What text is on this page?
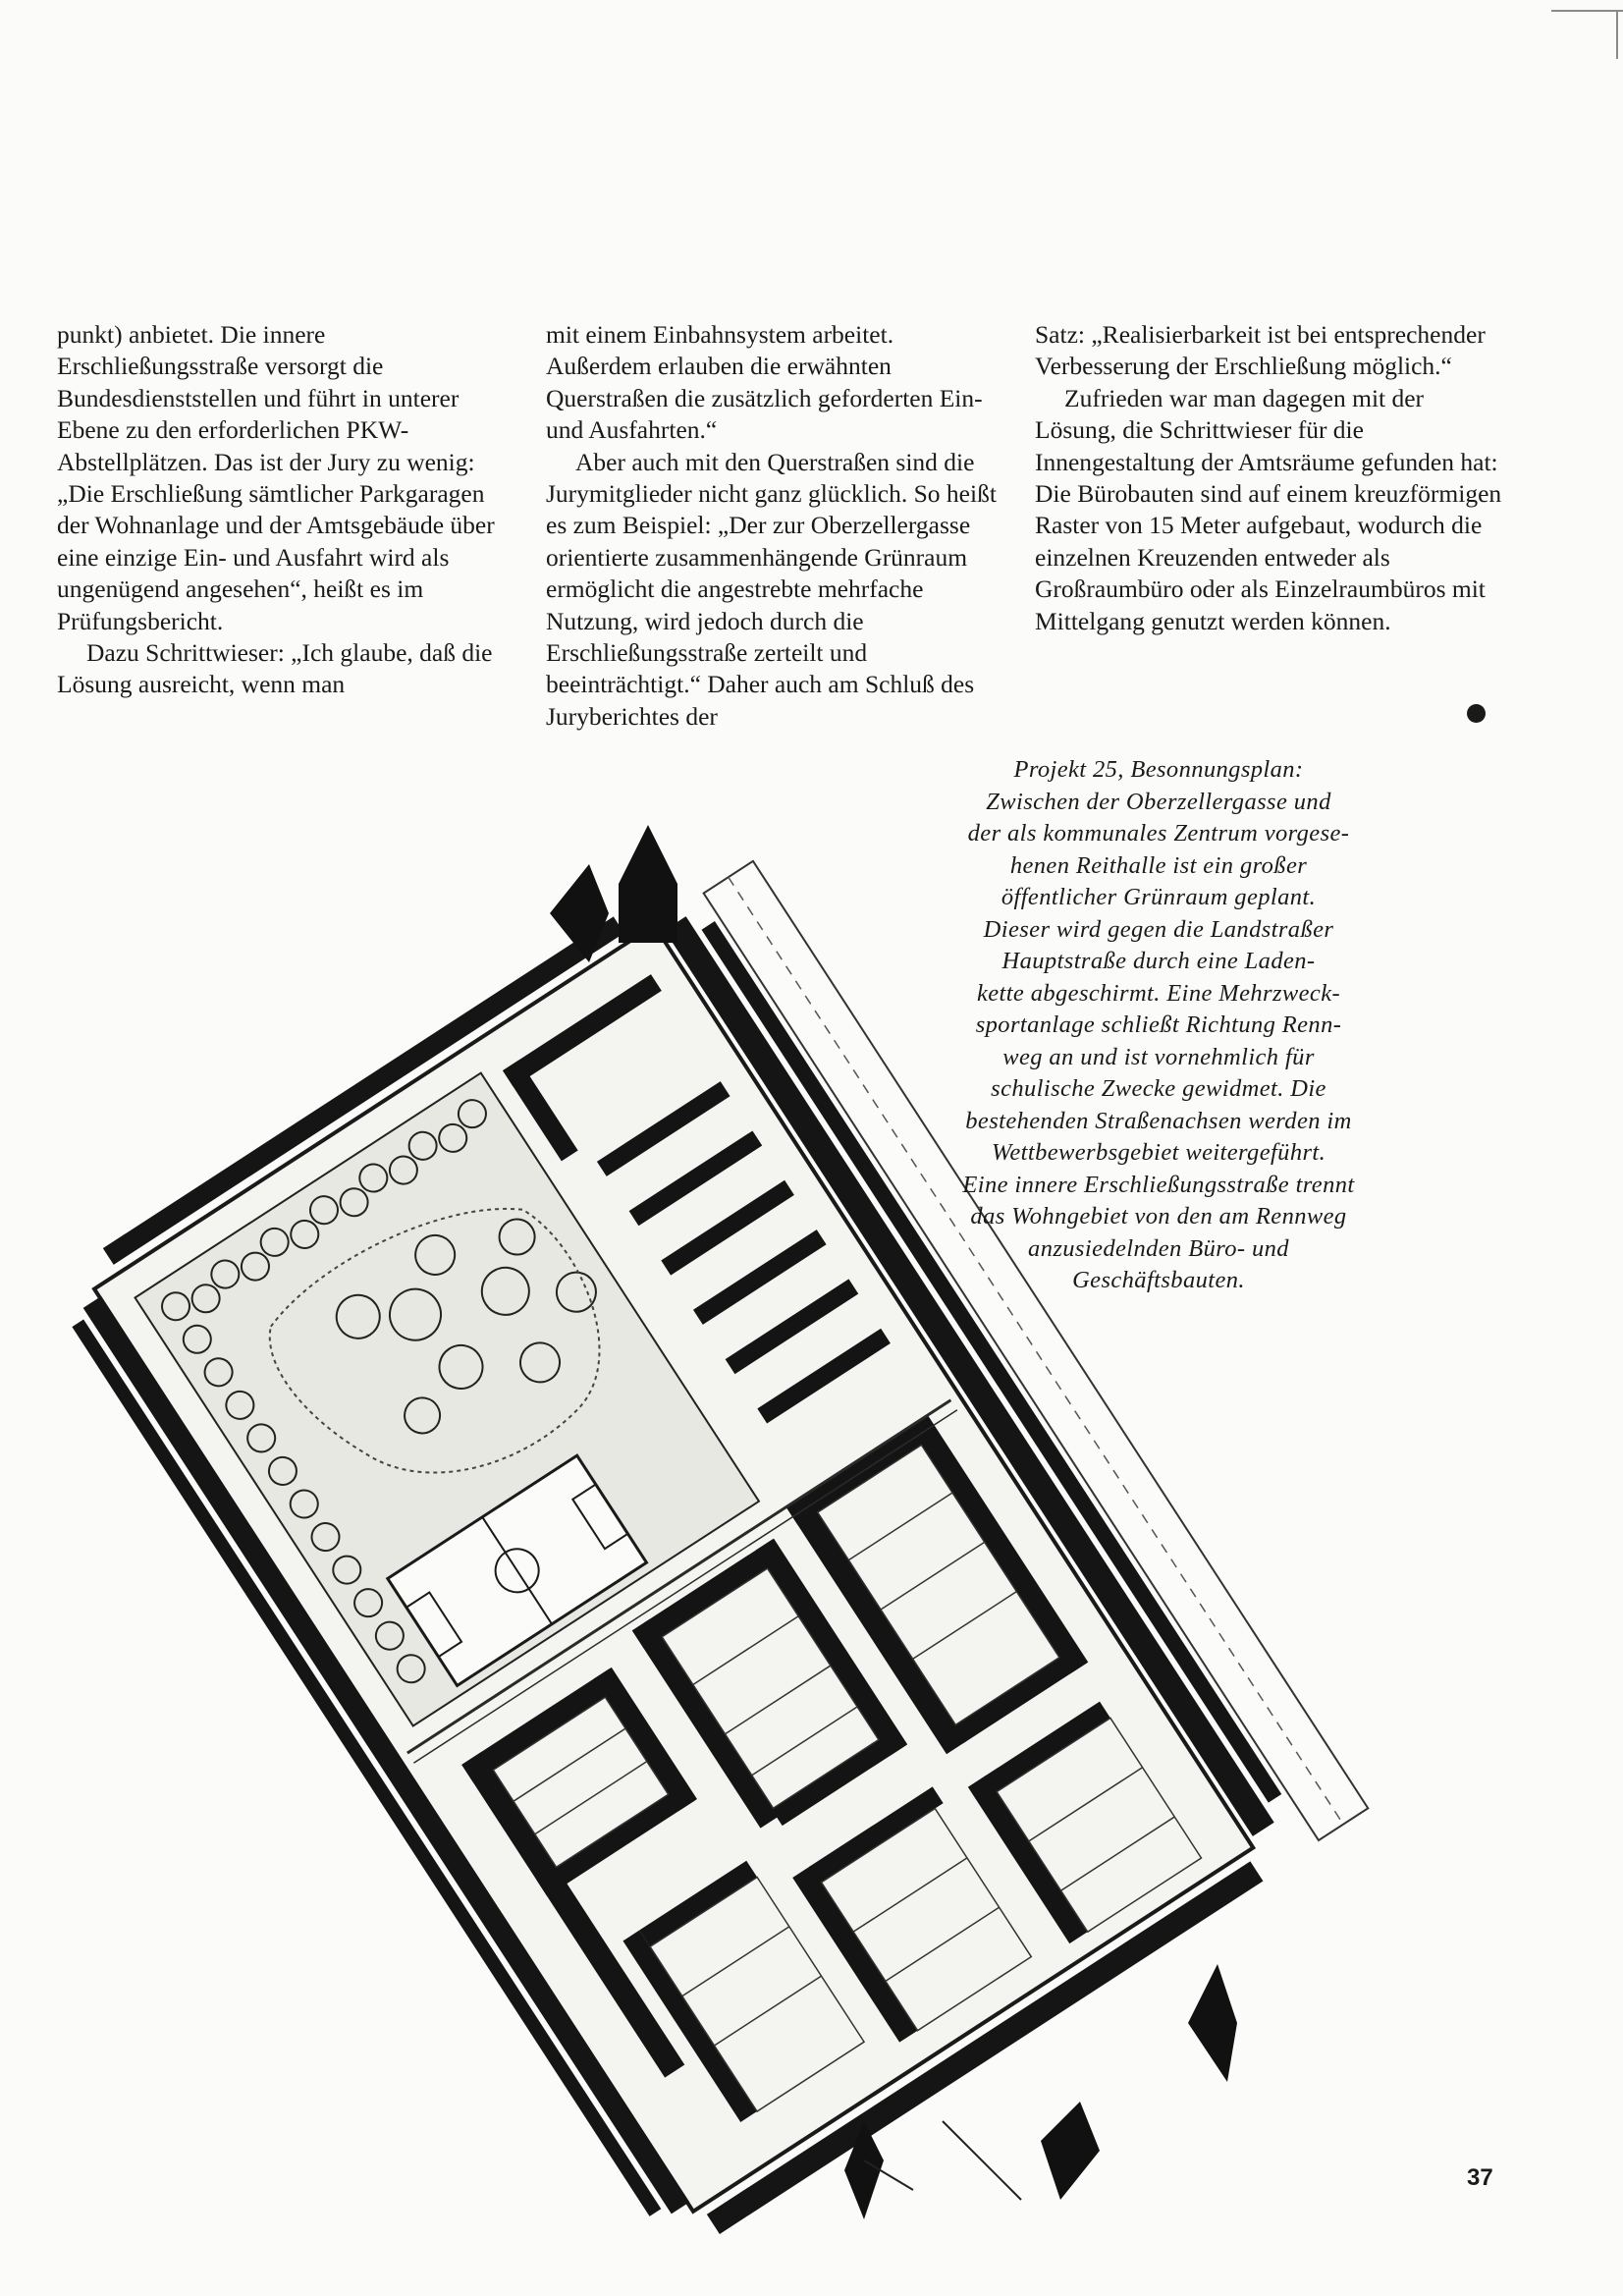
punkt) anbietet. Die innere Erschließungsstraße versorgt die Bundesdienststellen und führt in unterer Ebene zu den erforderlichen PKW-Abstellplätzen. Das ist der Jury zu wenig: „Die Erschließung sämtlicher Parkgaragen der Wohnanlage und der Amtsgebäude über eine einzige Ein- und Ausfahrt wird als ungenügend angesehen“, heißt es im Prüfungsbericht.

Dazu Schrittwieser: „Ich glaube, daß die Lösung ausreicht, wenn man

mit einem Einbahnsystem arbeitet. Außerdem erlauben die erwähnten Querstraßen die zusätzlich geforderten Ein- und Ausfahrten.“

Aber auch mit den Querstraßen sind die Jurymitglieder nicht ganz glücklich. So heißt es zum Beispiel: „Der zur Oberzellergasse orientierte zusammenhängende Grünraum ermöglicht die angestrebte mehrfache Nutzung, wird jedoch durch die Erschließungsstraße zerteilt und beeinträchtigt.“ Daher auch am Schluß des Juryberichtes der

Satz: „Realisierbarkeit ist bei entsprechender Verbesserung der Erschließung möglich.“

Zufrieden war man dagegen mit der Lösung, die Schrittwieser für die Innengestaltung der Amtsräume gefunden hat: Die Bürobauten sind auf einem kreuzförmigen Raster von 15 Meter aufgebaut, wodurch die einzelnen Kreuzenden entweder als Großraumbüro oder als Einzelraumbüros mit Mittelgang genutzt werden können.

Projekt 25, Besonnungsplan:

Zwischen der Oberzellergasse und

der als kommunales Zentrum vorgese-

henen Reithalle ist ein großer

öffentlicher Grünraum geplant.

Dieser wird gegen die Landstraßer

Hauptstraße durch eine Laden-

kette abgeschirmt. Eine Mehrzweck-

sportanlage schließt Richtung Renn-

weg an und ist vornehmlich für

schulische Zwecke gewidmet. Die

bestehenden Straßenachsen werden im

Wettbewerbsgebiet weitergeführt.

Eine innere Erschließungsstraße trennt

das Wohngebiet von den am Rennweg

anzusiedelnden Büro- und

Geschäftsbauten.

37
